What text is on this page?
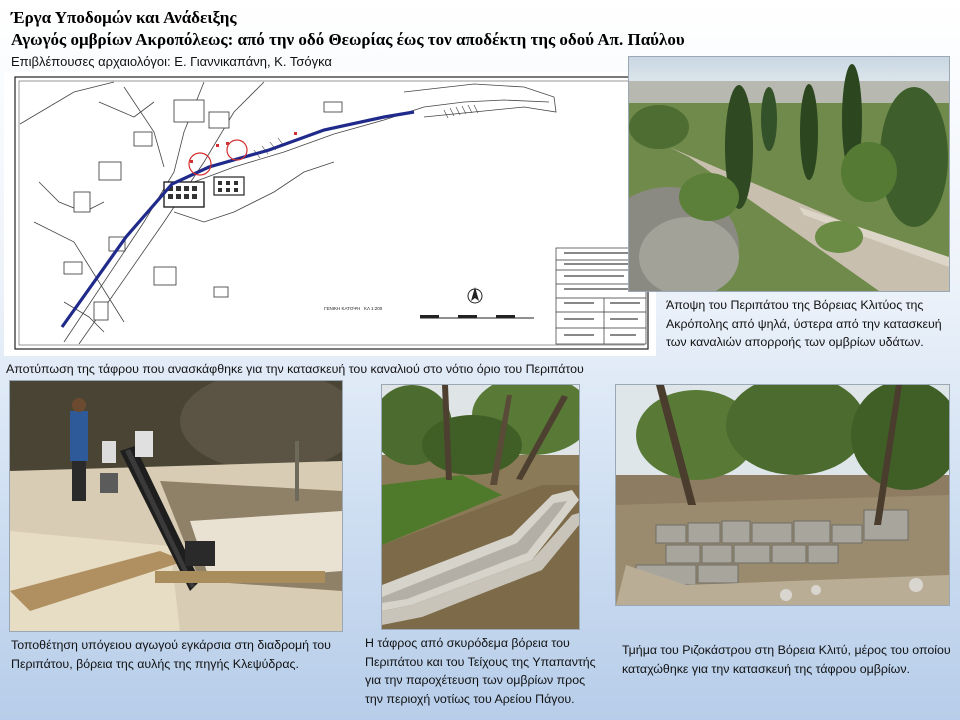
Έργα Υποδομών και Ανάδειξης
Αγωγός ομβρίων Ακροπόλεως: από την οδό Θεωρίας έως τον αποδέκτη της οδού Απ. Παύλου
Επιβλέπουσες αρχαιολόγοι: Ε. Γιαννικαπάνη, Κ. Τσόγκα
ΓΕΝΙΚΗ ΚΑΤΟΨΗ ΚΛ 1:200	Άποψη του Περιπάτου της Βόρειας Κλιτύος της Ακρόπολης από ψηλά, ύστερα από την κατασκευή των καναλιών απορροής των ομβρίων υδάτων.
Αποτύπωση της τάφρου που ανασκάφθηκε για την κατασκευή του καναλιού στο νότιο όριο του Περιπάτου
Τοποθέτηση υπόγειου αγωγού εγκάρσια στη διαδρομή του Περιπάτου, βόρεια της αυλής της πηγής Κλεψύδρας.
Η τάφρος από σκυρόδεμα βόρεια του Περιπάτου και του Τείχους της Υπαπαντής για την παροχέτευση των ομβρίων προς την περιοχή νοτίως του Αρείου Πάγου.
Τμήμα του Ριζοκάστρου στη Βόρεια Κλιτύ, μέρος του οποίου καταχώθηκε για την κατασκευή της τάφρου ομβρίων.
